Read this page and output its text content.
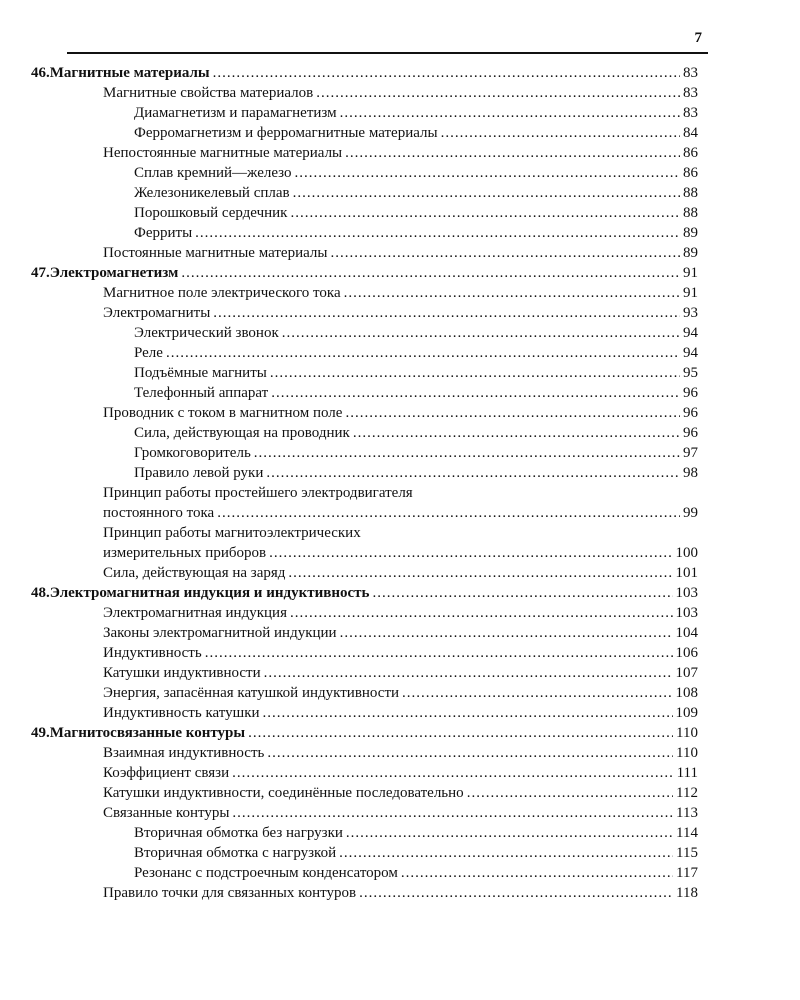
7
46. Магнитные материалы .....	83
Магнитные свойства материалов .....	83
Диамагнетизм и парамагнетизм .....	83
Ферромагнетизм и ферромагнитные материалы .....	84
Непостоянные магнитные материалы .....	86
Сплав кремний—железо .....	86
Железоникелевый сплав .....	88
Порошковый сердечник .....	88
Ферриты .....	89
Постоянные магнитные материалы .....	89
47. Электромагнетизм .....	91
Магнитное поле электрического тока .....	91
Электромагниты .....	93
Электрический звонок .....	94
Реле .....	94
Подъёмные магниты .....	95
Телефонный аппарат .....	96
Проводник с током в магнитном поле .....	96
Сила, действующая на проводник .....	96
Громкоговоритель .....	97
Правило левой руки .....	98
Принцип работы простейшего электродвигателя
постоянного тока .....	99
Принцип работы магнитоэлектрических
измерительных приборов .....	100
Сила, действующая на заряд .....	101
48. Электромагнитная индукция и индуктивность .....	103
Электромагнитная индукция .....	103
Законы электромагнитной индукции .....	104
Индуктивность .....	106
Катушки индуктивности .....	107
Энергия, запасённая катушкой индуктивности .....	108
Индуктивность катушки .....	109
49. Магнитосвязанные контуры .....	110
Взаимная индуктивность .....	110
Коэффициент связи .....	111
Катушки индуктивности, соединённые последовательно .....	112
Связанные контуры .....	113
Вторичная обмотка без нагрузки .....	114
Вторичная обмотка с нагрузкой .....	115
Резонанс с подстроечным конденсатором .....	117
Правило точки для связанных контуров .....	118
